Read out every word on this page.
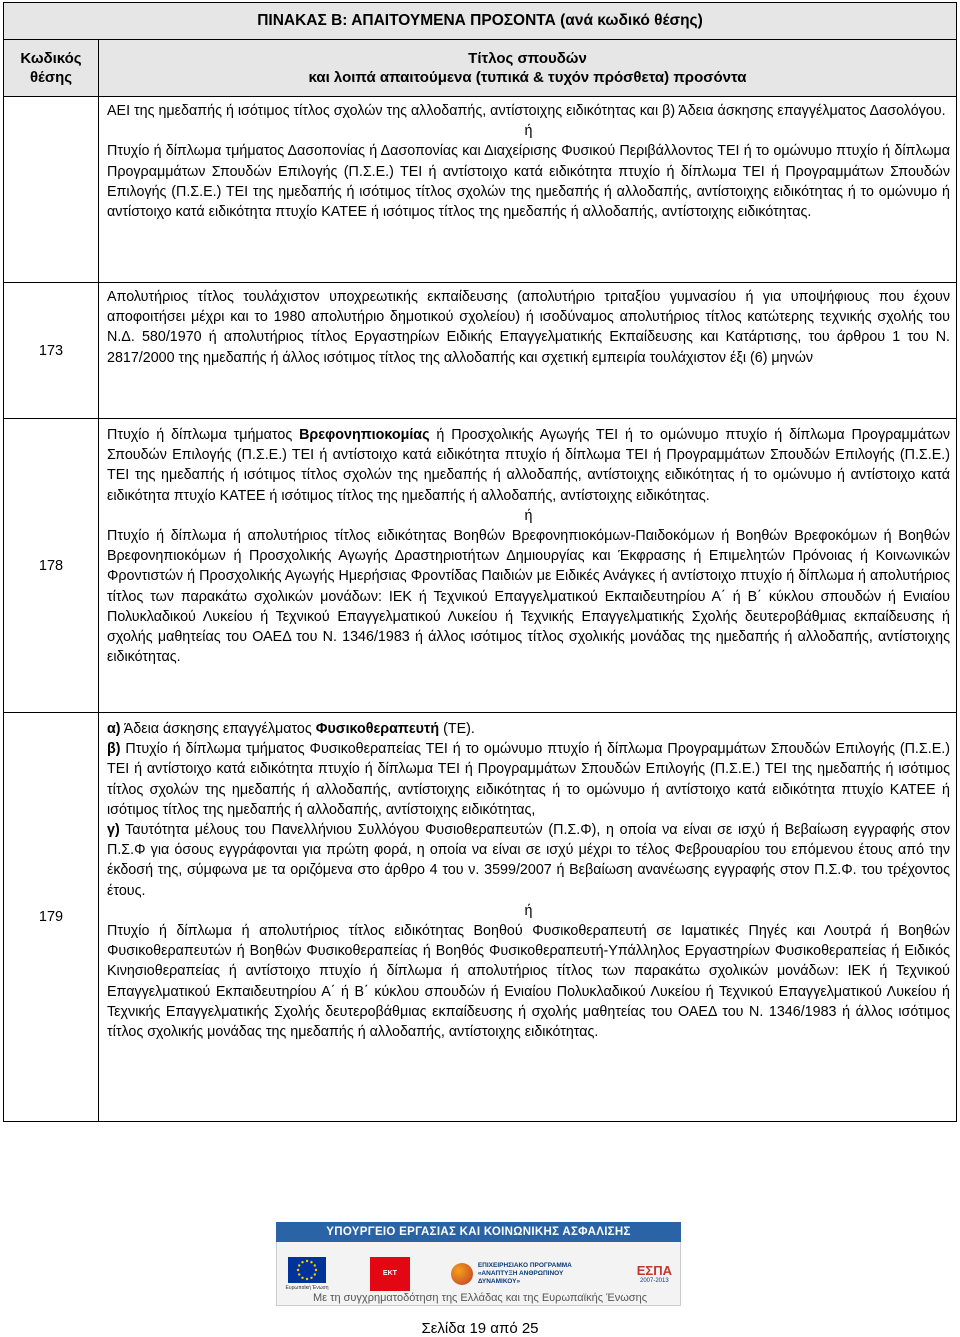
ΠΙΝΑΚΑΣ Β: ΑΠΑΙΤΟΥΜΕΝΑ ΠΡΟΣΟΝΤΑ (ανά κωδικό θέσης)
Κωδικός
θέσης
Τίτλος σπουδών
και λοιπά απαιτούμενα (τυπικά & τυχόν πρόσθετα) προσόντα

ΑΕΙ της ημεδαπής ή ισότιμος τίτλος σχολών της αλλοδαπής, αντίστοιχης ειδικότητας και β) Άδεια άσκησης επαγγέλματος Δασολόγου.

ή

Πτυχίο ή δίπλωμα τμήματος Δασοπονίας ή Δασοπονίας και Διαχείρισης Φυσικού Περιβάλλοντος ΤΕΙ ή το ομώνυμο πτυχίο ή δίπλωμα Προγραμμάτων Σπουδών Επιλογής (Π.Σ.Ε.) ΤΕΙ ή αντίστοιχο κατά ειδικότητα πτυχίο ή δίπλωμα ΤΕΙ ή Προγραμμάτων Σπουδών Επιλογής (Π.Σ.Ε.) ΤΕΙ της ημεδαπής ή ισότιμος τίτλος σχολών της ημεδαπής ή αλλοδαπής, αντίστοιχης ειδικότητας ή το ομώνυμο ή αντίστοιχο κατά ειδικότητα πτυχίο ΚΑΤΕΕ ή ισότιμος τίτλος της ημεδαπής ή αλλοδαπής, αντίστοιχης ειδικότητας.

173

Απολυτήριος τίτλος τουλάχιστον υποχρεωτικής εκπαίδευσης (απολυτήριο τριταξίου γυμνασίου ή για υποψήφιους που έχουν αποφοιτήσει μέχρι και το 1980 απολυτήριο δημοτικού σχολείου) ή ισοδύναμος απολυτήριος τίτλος κατώτερης τεχνικής σχολής του Ν.Δ. 580/1970 ή απολυτήριος τίτλος Εργαστηρίων Ειδικής Επαγγελματικής Εκπαίδευσης και Κατάρτισης, του άρθρου 1 του Ν. 2817/2000 της ημεδαπής ή άλλος ισότιμος τίτλος της αλλοδαπής και σχετική εμπειρία τουλάχιστον έξι (6) μηνών

178

Πτυχίο ή δίπλωμα τμήματος Βρεφονηπιοκομίας ή Προσχολικής Αγωγής ΤΕΙ ή το ομώνυμο πτυχίο ή δίπλωμα Προγραμμάτων Σπουδών Επιλογής (Π.Σ.Ε.) ΤΕΙ ή αντίστοιχο κατά ειδικότητα πτυχίο ή δίπλωμα ΤΕΙ ή Προγραμμάτων Σπουδών Επιλογής (Π.Σ.Ε.) ΤΕΙ της ημεδαπής ή ισότιμος τίτλος σχολών της ημεδαπής ή αλλοδαπής, αντίστοιχης ειδικότητας ή το ομώνυμο ή αντίστοιχο κατά ειδικότητα πτυχίο ΚΑΤΕΕ ή ισότιμος τίτλος της ημεδαπής ή αλλοδαπής, αντίστοιχης ειδικότητας.

ή

Πτυχίο ή δίπλωμα ή απολυτήριος τίτλος ειδικότητας Βοηθών Βρεφονηπιοκόμων-Παιδοκόμων ή Βοηθών Βρεφοκόμων ή Βοηθών Βρεφονηπιοκόμων ή Προσχολικής Αγωγής Δραστηριοτήτων Δημιουργίας και Έκφρασης ή Επιμελητών Πρόνοιας ή Κοινωνικών Φροντιστών ή Προσχολικής Αγωγής Ημερήσιας Φροντίδας Παιδιών με Ειδικές Ανάγκες ή αντίστοιχο πτυχίο ή δίπλωμα ή απολυτήριος τίτλος των παρακάτω σχολικών μονάδων: ΙΕΚ ή Τεχνικού Επαγγελματικού Εκπαιδευτηρίου Α΄ ή Β΄ κύκλου σπουδών ή Ενιαίου Πολυκλαδικού Λυκείου ή Τεχνικού Επαγγελματικού Λυκείου ή Τεχνικής Επαγγελματικής Σχολής δευτεροβάθμιας εκπαίδευσης ή σχολής μαθητείας του ΟΑΕΔ του Ν. 1346/1983 ή άλλος ισότιμος τίτλος σχολικής μονάδας της ημεδαπής ή αλλοδαπής, αντίστοιχης ειδικότητας.

179

α) Άδεια άσκησης επαγγέλματος Φυσικοθεραπευτή (ΤΕ).

β) Πτυχίο ή δίπλωμα τμήματος Φυσικοθεραπείας ΤΕΙ ή το ομώνυμο πτυχίο ή δίπλωμα Προγραμμάτων Σπουδών Επιλογής (Π.Σ.Ε.) ΤΕΙ ή αντίστοιχο κατά ειδικότητα πτυχίο ή δίπλωμα ΤΕΙ ή Προγραμμάτων Σπουδών Επιλογής (Π.Σ.Ε.) ΤΕΙ της ημεδαπής ή ισότιμος τίτλος σχολών της ημεδαπής ή αλλοδαπής, αντίστοιχης ειδικότητας ή το ομώνυμο ή αντίστοιχο κατά ειδικότητα πτυχίο ΚΑΤΕΕ ή ισότιμος τίτλος της ημεδαπής ή αλλοδαπής, αντίστοιχης ειδικότητας,

γ) Ταυτότητα μέλους του Πανελλήνιου Συλλόγου Φυσιοθεραπευτών (Π.Σ.Φ), η οποία να είναι σε ισχύ ή Βεβαίωση εγγραφής στον Π.Σ.Φ για όσους εγγράφονται για πρώτη φορά, η οποία να είναι σε ισχύ μέχρι το τέλος Φεβρουαρίου του επόμενου έτους από την έκδοσή της, σύμφωνα με τα οριζόμενα στο άρθρο 4 του ν. 3599/2007 ή Βεβαίωση ανανέωσης εγγραφής στον Π.Σ.Φ. του τρέχοντος έτους.

ή

Πτυχίο ή δίπλωμα ή απολυτήριος τίτλος ειδικότητας Βοηθού Φυσικοθεραπευτή σε Ιαματικές Πηγές και Λουτρά ή Βοηθών Φυσικοθεραπευτών ή Βοηθών Φυσικοθεραπείας ή Βοηθός Φυσικοθεραπευτή-Υπάλληλος Εργαστηρίων Φυσικοθεραπείας ή Ειδικός Κινησιοθεραπείας ή αντίστοιχο πτυχίο ή δίπλωμα ή απολυτήριος τίτλος των παρακάτω σχολικών μονάδων: ΙΕΚ ή Τεχνικού Επαγγελματικού Εκπαιδευτηρίου Α΄ ή Β΄ κύκλου σπουδών ή Ενιαίου Πολυκλαδικού Λυκείου ή Τεχνικού Επαγγελματικού Λυκείου ή Τεχνικής Επαγγελματικής Σχολής δευτεροβάθμιας εκπαίδευσης ή σχολής μαθητείας του ΟΑΕΔ του Ν. 1346/1983 ή άλλος ισότιμος τίτλος σχολικής μονάδας της ημεδαπής ή αλλοδαπής, αντίστοιχης ειδικότητας.

ΥΠΟΥΡΓΕΙΟ ΕΡΓΑΣΙΑΣ ΚΑΙ ΚΟΙΝΩΝΙΚΗΣ ΑΣΦΑΛΙΣΗΣ
Ευρωπαϊκή Ένωση
ΕΚΤ
ΕΠΙΧΕΙΡΗΣΙΑΚΟ ΠΡΟΓΡΑΜΜΑ «ΑΝΑΠΤΥΞΗ ΑΝΘΡΩΠΙΝΟΥ ΔΥΝΑΜΙΚΟΥ»
ΕΣΠΑ
2007-2013
Με τη συγχρηματοδότηση της Ελλάδας και της Ευρωπαϊκής Ένωσης
Σελίδα 19 από 25
